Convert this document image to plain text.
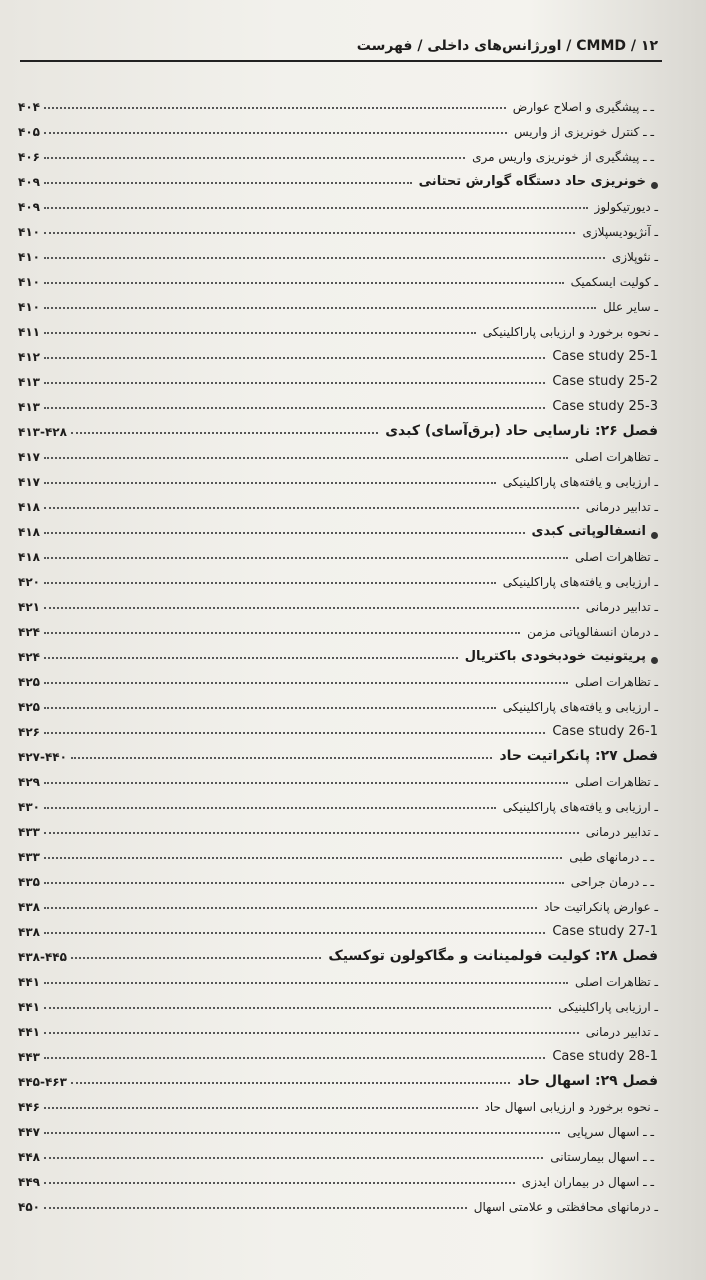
CMMD / ۱۲ / اورژانس‌های داخلی / فهرست
ـ ـ پیشگیری و اصلاح عوارض
۴۰۴
ـ ـ کنترل خونریزی از واریس
۴۰۵
ـ ـ پیشگیری از خونریزی واریس مری
۴۰۶
خونریزی حاد دستگاه گوارش تحتانی
۴۰۹
ـ دیورتیکولوز
۴۰۹
ـ آنژیودیسپلازی
۴۱۰
ـ نئوپلازی
۴۱۰
ـ کولیت ایسکمیک
۴۱۰
ـ سایر علل
۴۱۰
ـ نحوه برخورد و ارزیابی پاراکلینیکی
۴۱۱
Case study 25-1
۴۱۲
Case study 25-2
۴۱۳
Case study 25-3
۴۱۳
فصل ۲۶: نارسایی حاد (برق‌آسای) کبدی
۴۱۳-۴۲۸
ـ تظاهرات اصلی
۴۱۷
ـ ارزیابی و یافته‌های پاراکلینیکی
۴۱۷
ـ تدابیر درمانی
۴۱۸
انسفالوپاتی کبدی
۴۱۸
ـ تظاهرات اصلی
۴۱۸
ـ ارزیابی و یافته‌های پاراکلینیکی
۴۲۰
ـ تدابیر درمانی
۴۲۱
ـ درمان انسفالوپاتی مزمن
۴۲۴
پریتونیت خودبخودی باکتریال
۴۲۴
ـ تظاهرات اصلی
۴۲۵
ـ ارزیابی و یافته‌های پاراکلینیکی
۴۲۵
Case study 26-1
۴۲۶
فصل ۲۷: پانکراتیت حاد
۴۲۷-۴۴۰
ـ تظاهرات اصلی
۴۲۹
ـ ارزیابی و یافته‌های پاراکلینیکی
۴۳۰
ـ تدابیر درمانی
۴۳۳
ـ ـ درمانهای طبی
۴۳۳
ـ ـ درمان جراحی
۴۳۵
ـ عوارض پانکراتیت حاد
۴۳۸
Case study 27-1
۴۳۸
فصل ۲۸: کولیت فولمینانت و مگاکولون توکسیک
۴۳۸-۴۴۵
ـ تظاهرات اصلی
۴۴۱
ـ ارزیابی پاراکلینیکی
۴۴۱
ـ تدابیر درمانی
۴۴۱
Case study 28-1
۴۴۳
فصل ۲۹: اسهال حاد
۴۴۵-۴۶۳
ـ نحوه برخورد و ارزیابی اسهال حاد
۴۴۶
ـ ـ اسهال سرپایی
۴۴۷
ـ ـ اسهال بیمارستانی
۴۴۸
ـ ـ اسهال در بیماران ایدزی
۴۴۹
ـ درمانهای محافظتی و علامتی اسهال
۴۵۰
